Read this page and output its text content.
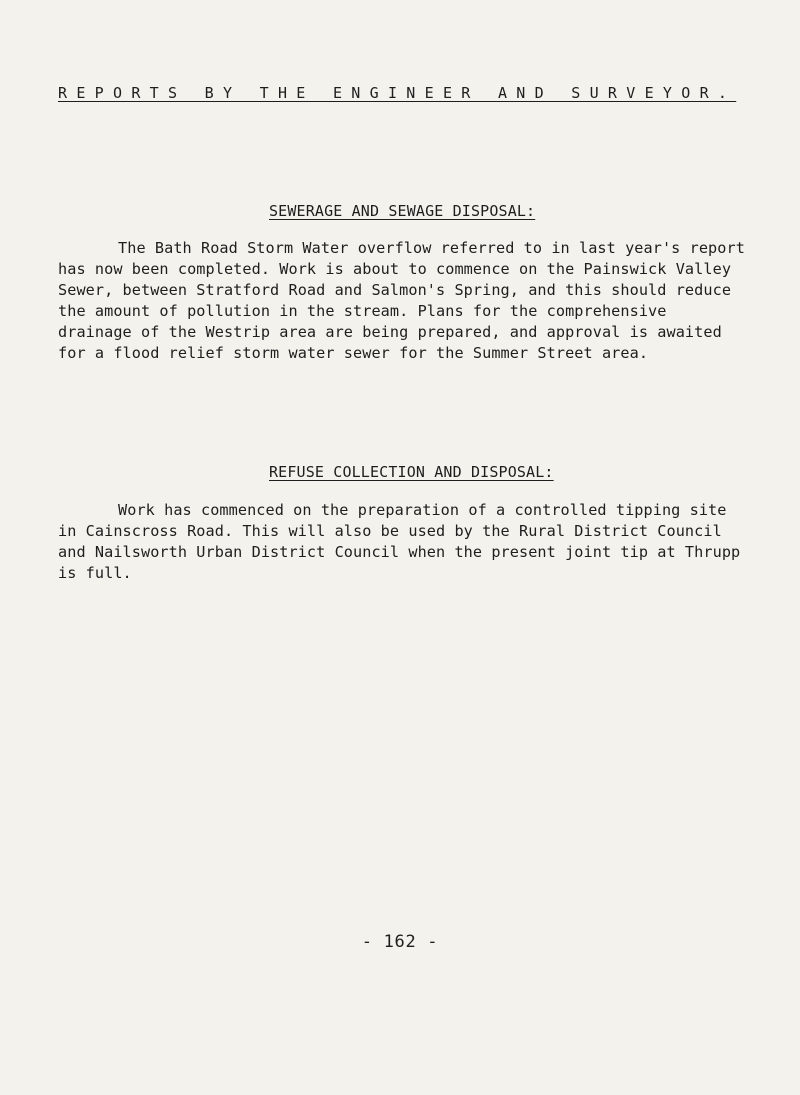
REPORTS BY THE ENGINEER AND SURVEYOR.
SEWERAGE AND SEWAGE DISPOSAL:
The Bath Road Storm Water overflow referred to in last year's report has now been completed. Work is about to commence on the Painswick Valley Sewer, between Stratford Road and Salmon's Spring, and this should reduce the amount of pollution in the stream. Plans for the comprehensive drainage of the Westrip area are being prepared, and approval is awaited for a flood relief storm water sewer for the Summer Street area.
REFUSE COLLECTION AND DISPOSAL:
Work has commenced on the preparation of a controlled tipping site in Cainscross Road. This will also be used by the Rural District Council and Nailsworth Urban District Council when the present joint tip at Thrupp is full.
- 162 -
